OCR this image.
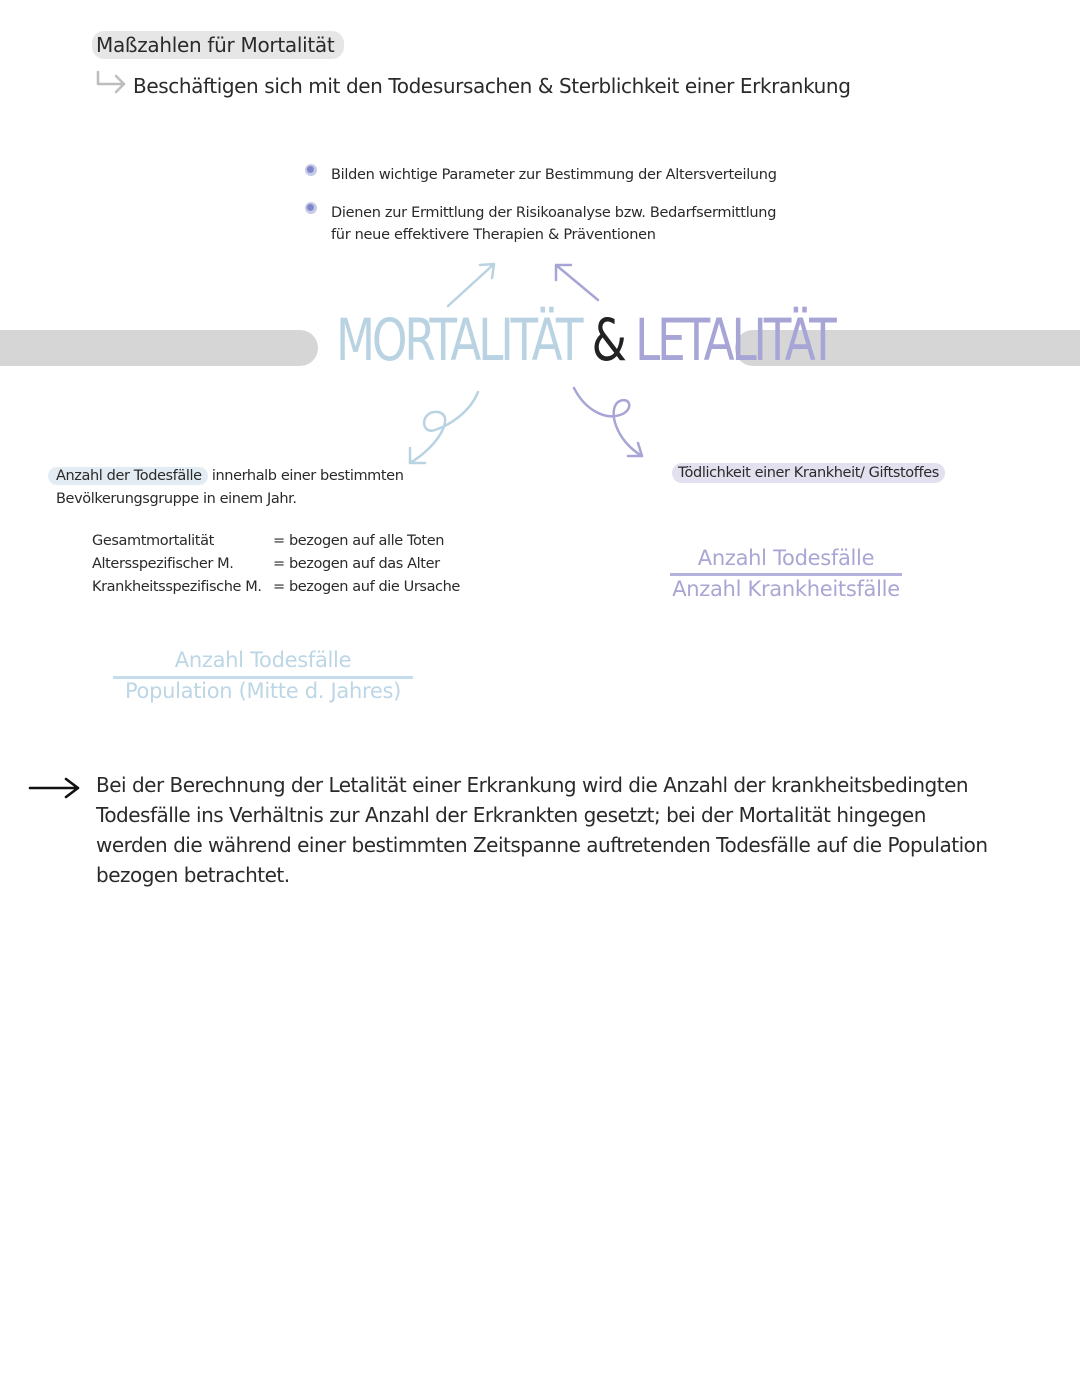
Maßzahlen für Mortalität
Beschäftigen sich mit den Todesursachen & Sterblichkeit einer Erkrankung
Bilden wichtige Parameter zur Bestimmung der Altersverteilung
Dienen zur Ermittlung der Risikoanalyse bzw. Bedarfsermittlung für neue effektivere Therapien & Präventionen
MORTALITÄT & LETALITÄT
Anzahl der Todesfälle innerhalb einer bestimmten
Bevölkerungsgruppe in einem Jahr.
Gesamtmortalität	= bezogen auf alle Toten
Altersspezifischer M.	= bezogen auf das Alter
Krankheitsspezifische M. = bezogen auf die Ursache
Anzahl Todesfälle
Population (Mitte d. Jahres)
Tödlichkeit einer Krankheit/ Giftstoffes
Anzahl Todesfälle
Anzahl Krankheitsfälle
Bei der Berechnung der Letalität einer Erkrankung wird die Anzahl der krankheitsbedingten Todesfälle ins Verhältnis zur Anzahl der Erkrankten gesetzt; bei der Mortalität hingegen werden die während einer bestimmten Zeitspanne auftretenden Todesfälle auf die Population bezogen betrachtet.
